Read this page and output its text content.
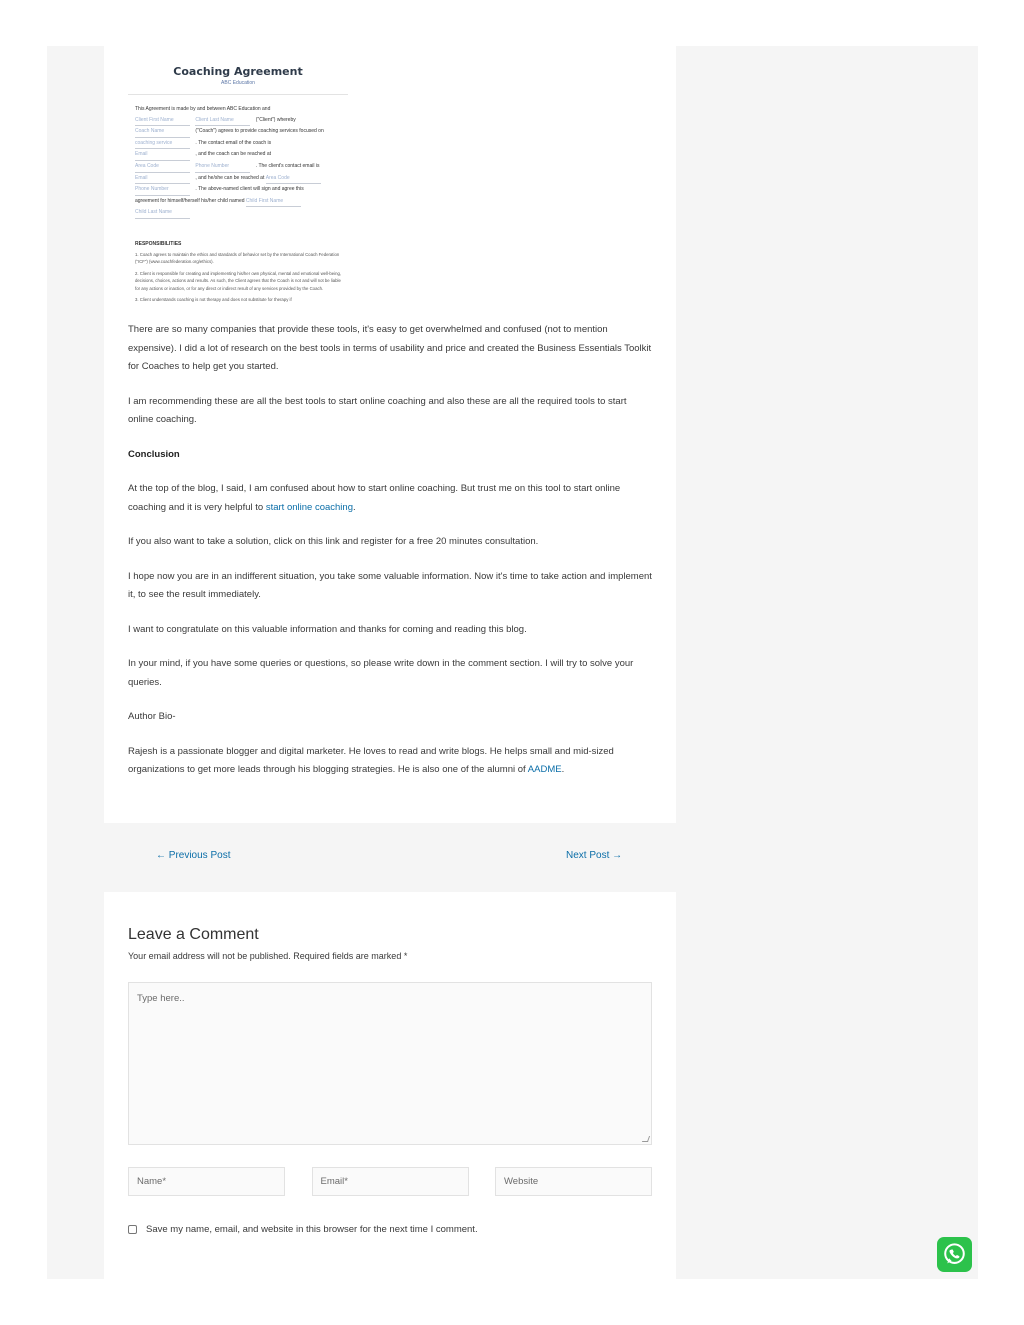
Coaching Agreement
ABC Education
This Agreement is made by and between ABC Education and
Client First Name	Client Last Name	("Client") whereby
Coach Name	("Coach") agrees to provide coaching services focused on
coaching service	. The contact email of the coach is
Email	, and the coach can be reached at
Area Code	Phone Number	. The client's contact email is
Email	, and he/she can be reached at Area Code
Phone Number	. The above-named client will sign and agree this
agreement for himself/herself his/her child named Child First Name
Child Last Name
RESPONSIBILITIES
1. Coach agrees to maintain the ethics and standards of behavior set by the International Coach Federation ("ICF") (www.coachfederation.org/ethics).
2. Client is responsible for creating and implementing his/her own physical, mental and emotional well-being, decisions, choices, actions and results. As such, the Client agrees that the Coach is not and will not be liable for any actions or inaction, or for any direct or indirect result of any services provided by the Coach.
3. Client understands coaching is not therapy and does not substitute for therapy if

There are so many companies that provide these tools, it's easy to get overwhelmed and confused (not to mention expensive). I did a lot of research on the best tools in terms of usability and price and created the Business Essentials Toolkit for Coaches to help get you started.

I am recommending these are all the best tools to start online coaching and also these are all the required tools to start online coaching.

Conclusion

At the top of the blog, I said, I am confused about how to start online coaching. But trust me on this tool to start online coaching and it is very helpful to start online coaching.

If you also want to take a solution, click on this link and register for a free 20 minutes consultation.

I hope now you are in an indifferent situation, you take some valuable information. Now it's time to take action and implement it, to see the result immediately.

I want to congratulate on this valuable information and thanks for coming and reading this blog.

In your mind, if you have some queries or questions, so please write down in the comment section. I will try to solve your queries.

Author Bio-

Rajesh is a passionate blogger and digital marketer. He loves to read and write blogs. He helps small and mid-sized organizations to get more leads through his blogging strategies. He is also one of the alumni of AADME.

← Previous Post	Next Post →
Leave a Comment
Your email address will not be published. Required fields are marked *
Type here..
Name*	Email*	Website
Save my name, email, and website in this browser for the next time I comment.
